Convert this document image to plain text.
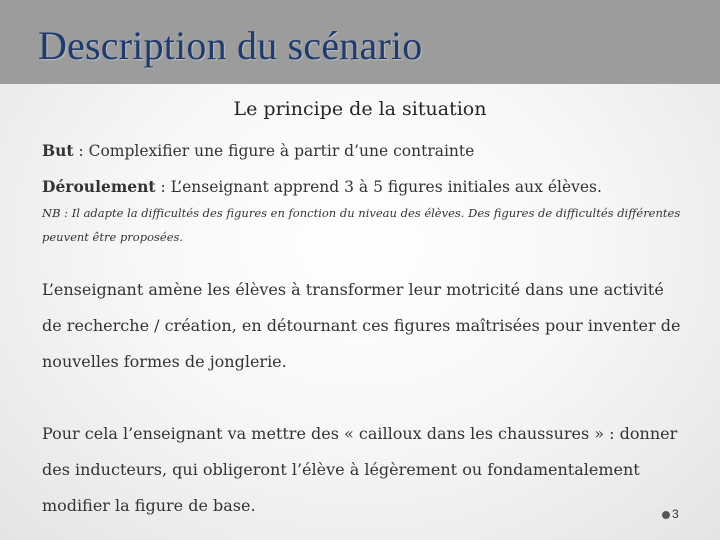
Description du scénario
Le principe de la situation
But : Complexifier une figure à partir d’une contrainte
Déroulement : L’enseignant apprend 3 à 5 figures initiales aux élèves.
NB : Il adapte la difficultés des figures en fonction du niveau des élèves. Des figures de difficultés différentes peuvent être proposées.
L’enseignant amène les élèves à transformer leur motricité dans une activité de recherche / création, en détournant ces figures maîtrisées pour inventer de nouvelles formes de jonglerie.
Pour cela l’enseignant va mettre des « cailloux dans les chaussures » : donner des inducteurs, qui obligeront l’élève à légèrement ou fondamentalement modifier la figure de base.	3
